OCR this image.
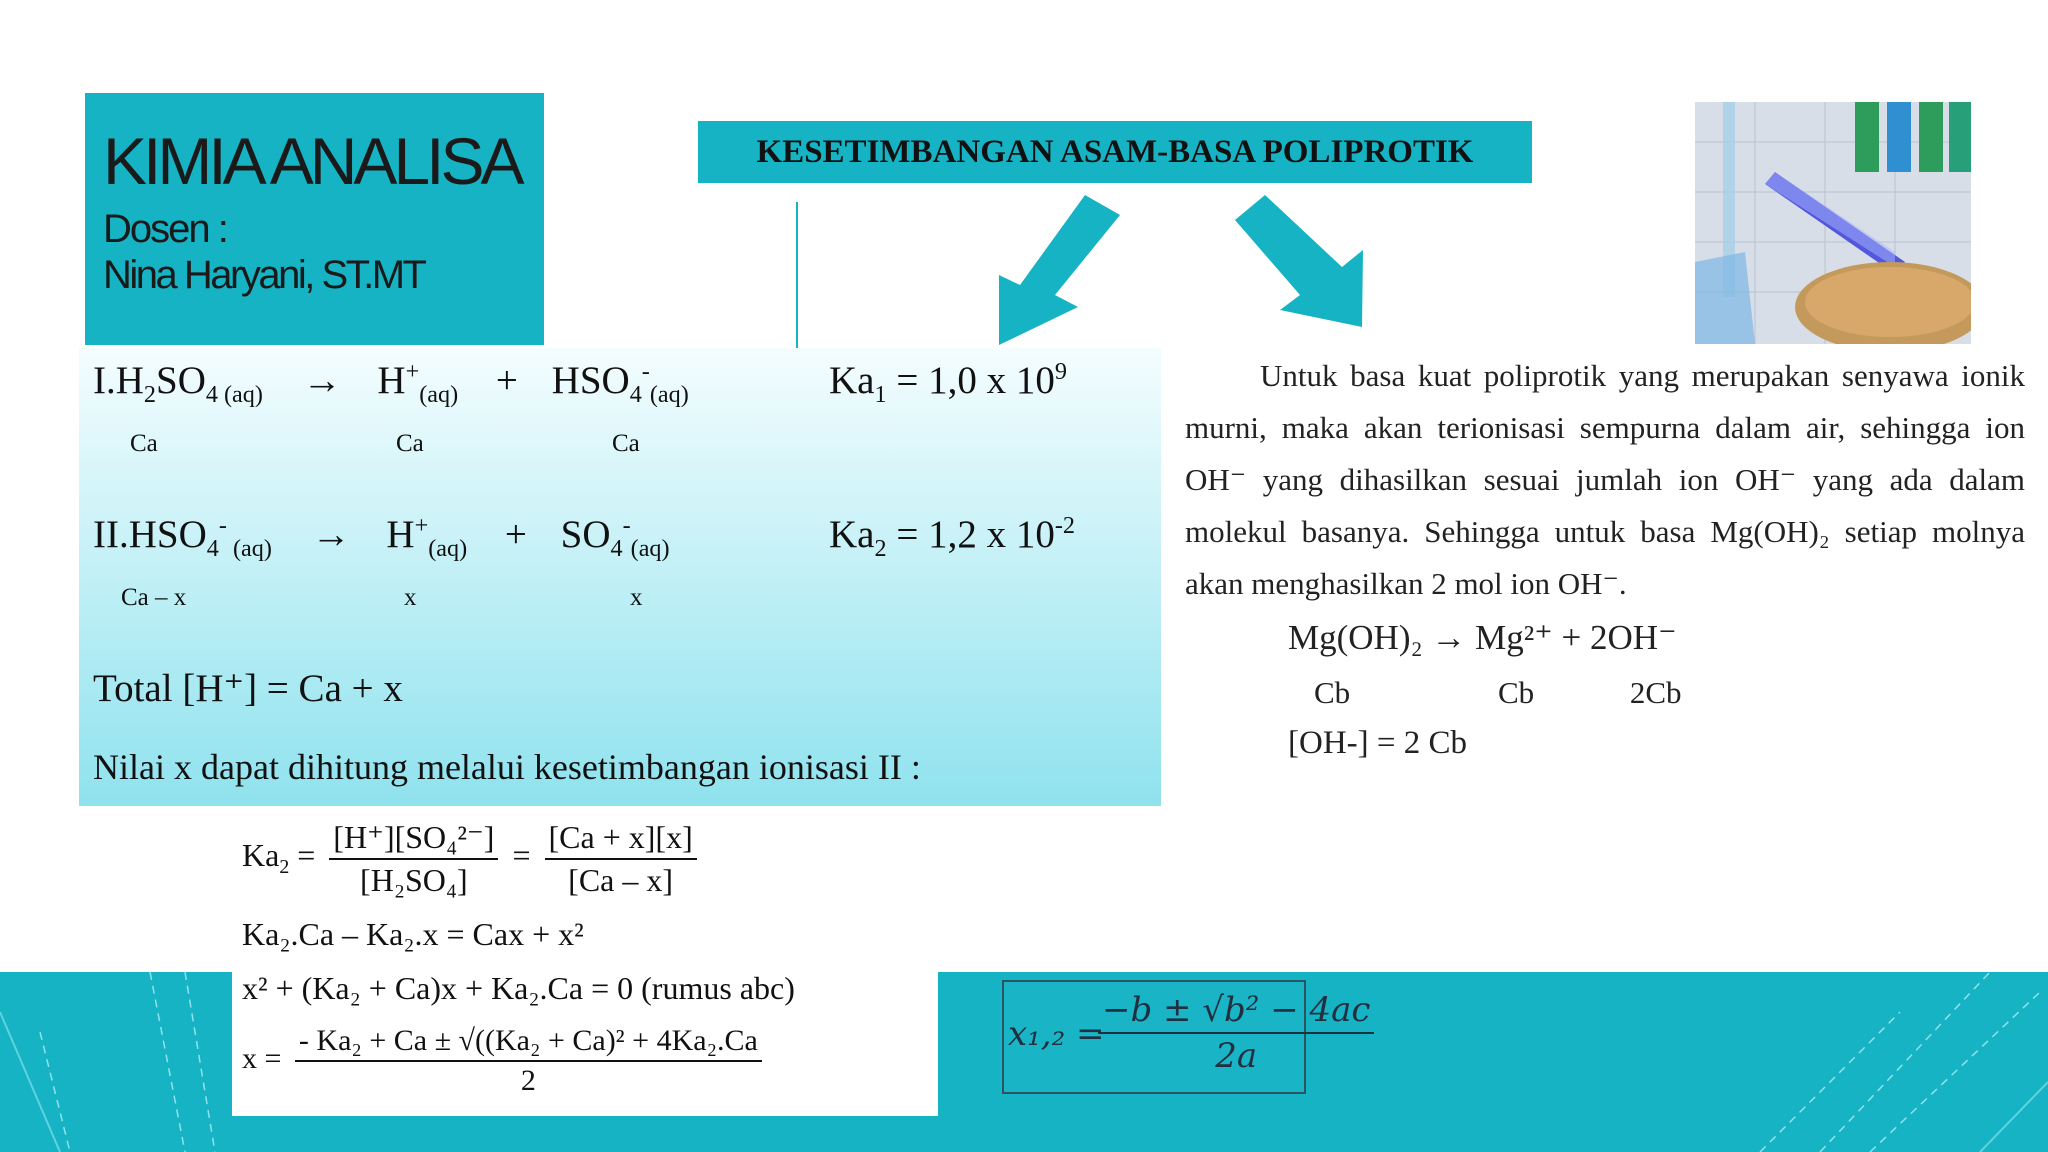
KIMIA ANALISA
Dosen :
Nina Haryani, ST.MT
KESETIMBANGAN ASAM-BASA POLIPROTIK
$I.H_2SO_{4 (aq)} \to H^+_{(aq)} + HSO_4^-_{(aq)}$	$Ka_1 = 1,0$ x $10^9$
Ca	Ca	Ca
$II.HSO_4^-$ $_{(aq)} \to H^+_{(aq)} + SO_4^-_{(aq)}$	$Ka_2 = 1,2$ x $10^{-2}$
Ca – x	x	x
Total [H⁺] = Ca + x
Nilai x dapat dihitung melalui kesetimbangan ionisasi II :
$Ka_2 = \frac{\text{[H⁺][SO₄²⁻]}}{\text{[H₂SO₄]}} = \frac{[Ca + x][x]}{[Ca - x]}$
Ka₂.Ca – Ka₂.x = Cax + x²
x² + (Ka₂ + Ca)x + Ka₂.Ca = 0 (rumus abc)
$x = \frac{\text{- Ka₂ + Ca ± √((Ka₂ + Ca)² + 4Ka₂.Ca}}{2}$	x₁,₂ =
$\frac{\text{−b ± √b² − 4ac}}{2a}$

Untuk basa kuat poliprotik yang merupakan senyawa ionik murni, maka akan terionisasi sempurna dalam air, sehingga ion OH⁻ yang dihasilkan sesuai jumlah ion OH⁻ yang ada dalam molekul basanya. Sehingga untuk basa Mg(OH)₂ setiap molnya akan menghasilkan 2 mol ion OH⁻.

Mg(OH)₂ → Mg²⁺ + 2OH⁻
Cb	Cb	2Cb
[OH-] = 2 Cb
